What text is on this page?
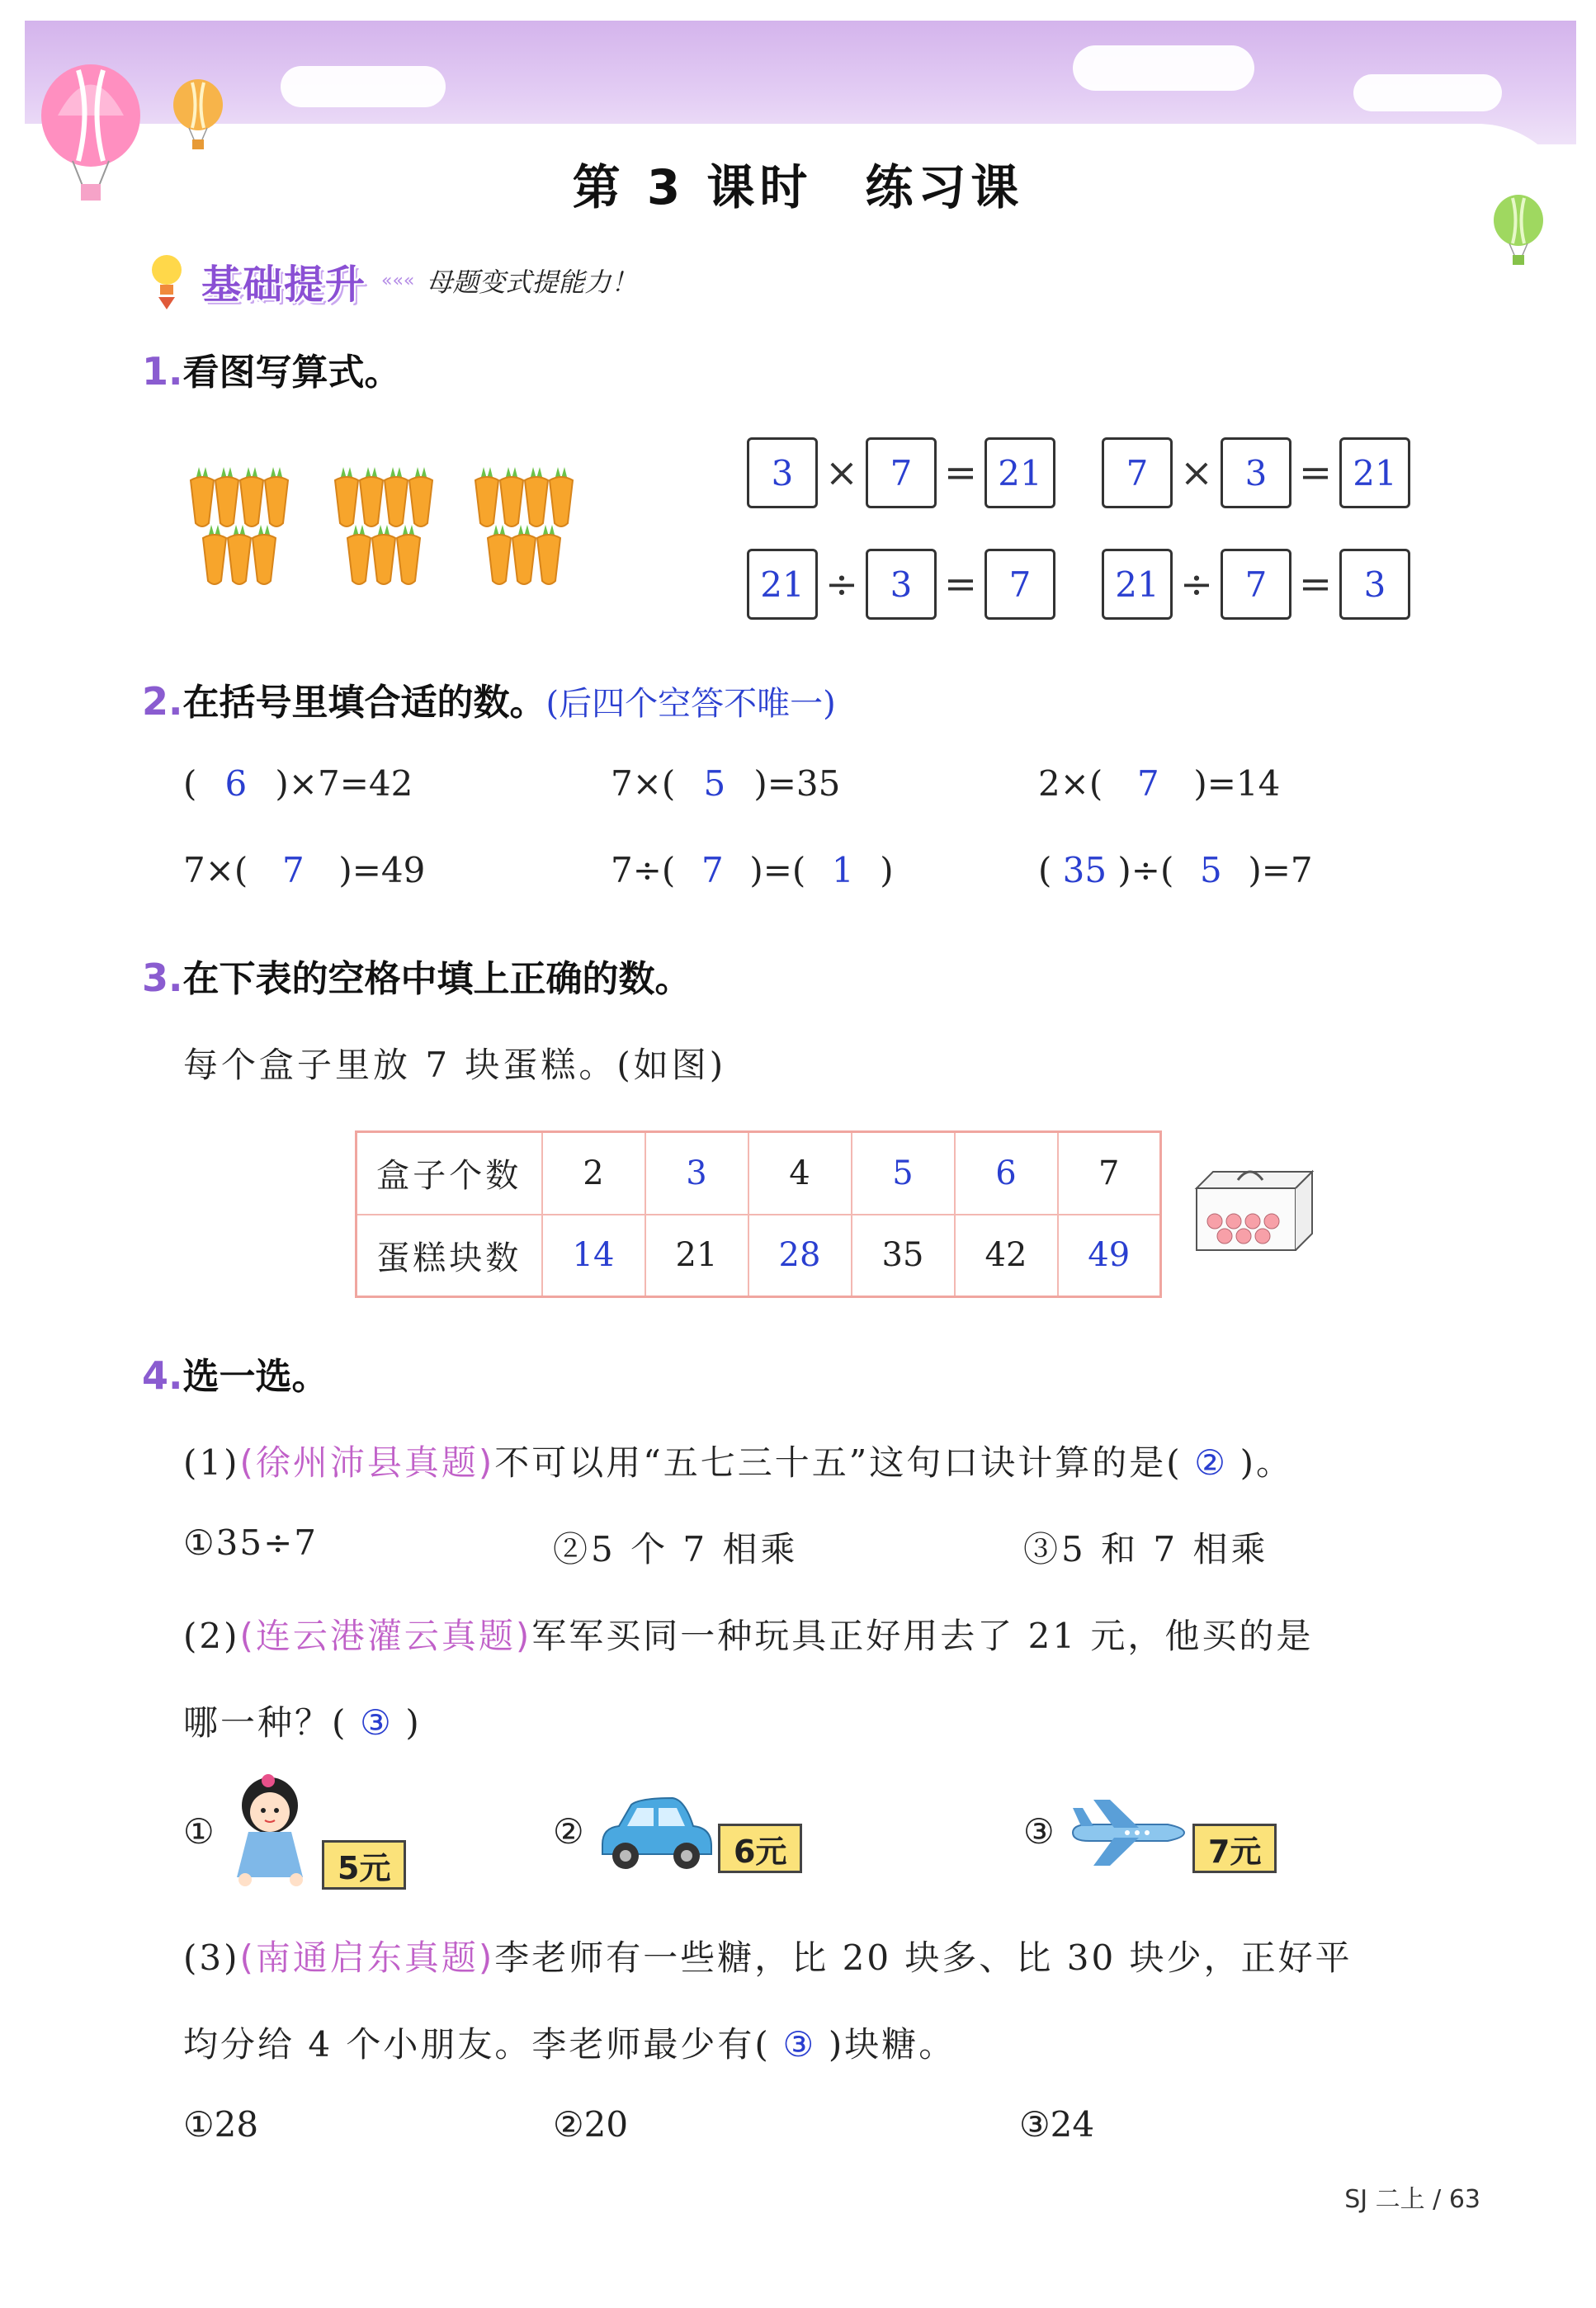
第 3 课时　练习课
基础提升 ««« 母题变式提能力！
1.看图写算式。
3 × 7 = 21	7 × 3 = 21
21 ÷ 3 = 7	21 ÷ 7 = 3
2.在括号里填合适的数。(后四个空答不唯一)
( 6 )×7=42	7×( 5 )=35	2×( 7 )=14
7×( 7 )=49	7÷( 7 )=( 1 )	( 35 )÷( 5 )=7
3.在下表的空格中填上正确的数。
每个盒子里放 7 块蛋糕。(如图)
盒子个数	2	3	4	5	6	7
蛋糕块数	14	21	28	35	42	49
4.选一选。
(1)(徐州沛县真题)不可以用“五七三十五”这句口诀计算的是( ② )。
①35÷7	②5 个 7 相乘	③5 和 7 相乘
(2)(连云港灌云真题)军军买同一种玩具正好用去了 21 元，他买的是
哪一种？( ③ )
①
5元
②	6元	③	7元
(3)(南通启东真题)李老师有一些糖，比 20 块多、比 30 块少，正好平
均分给 4 个小朋友。李老师最少有( ③ )块糖。
①28	②20	③24
SJ 二上 / 63
